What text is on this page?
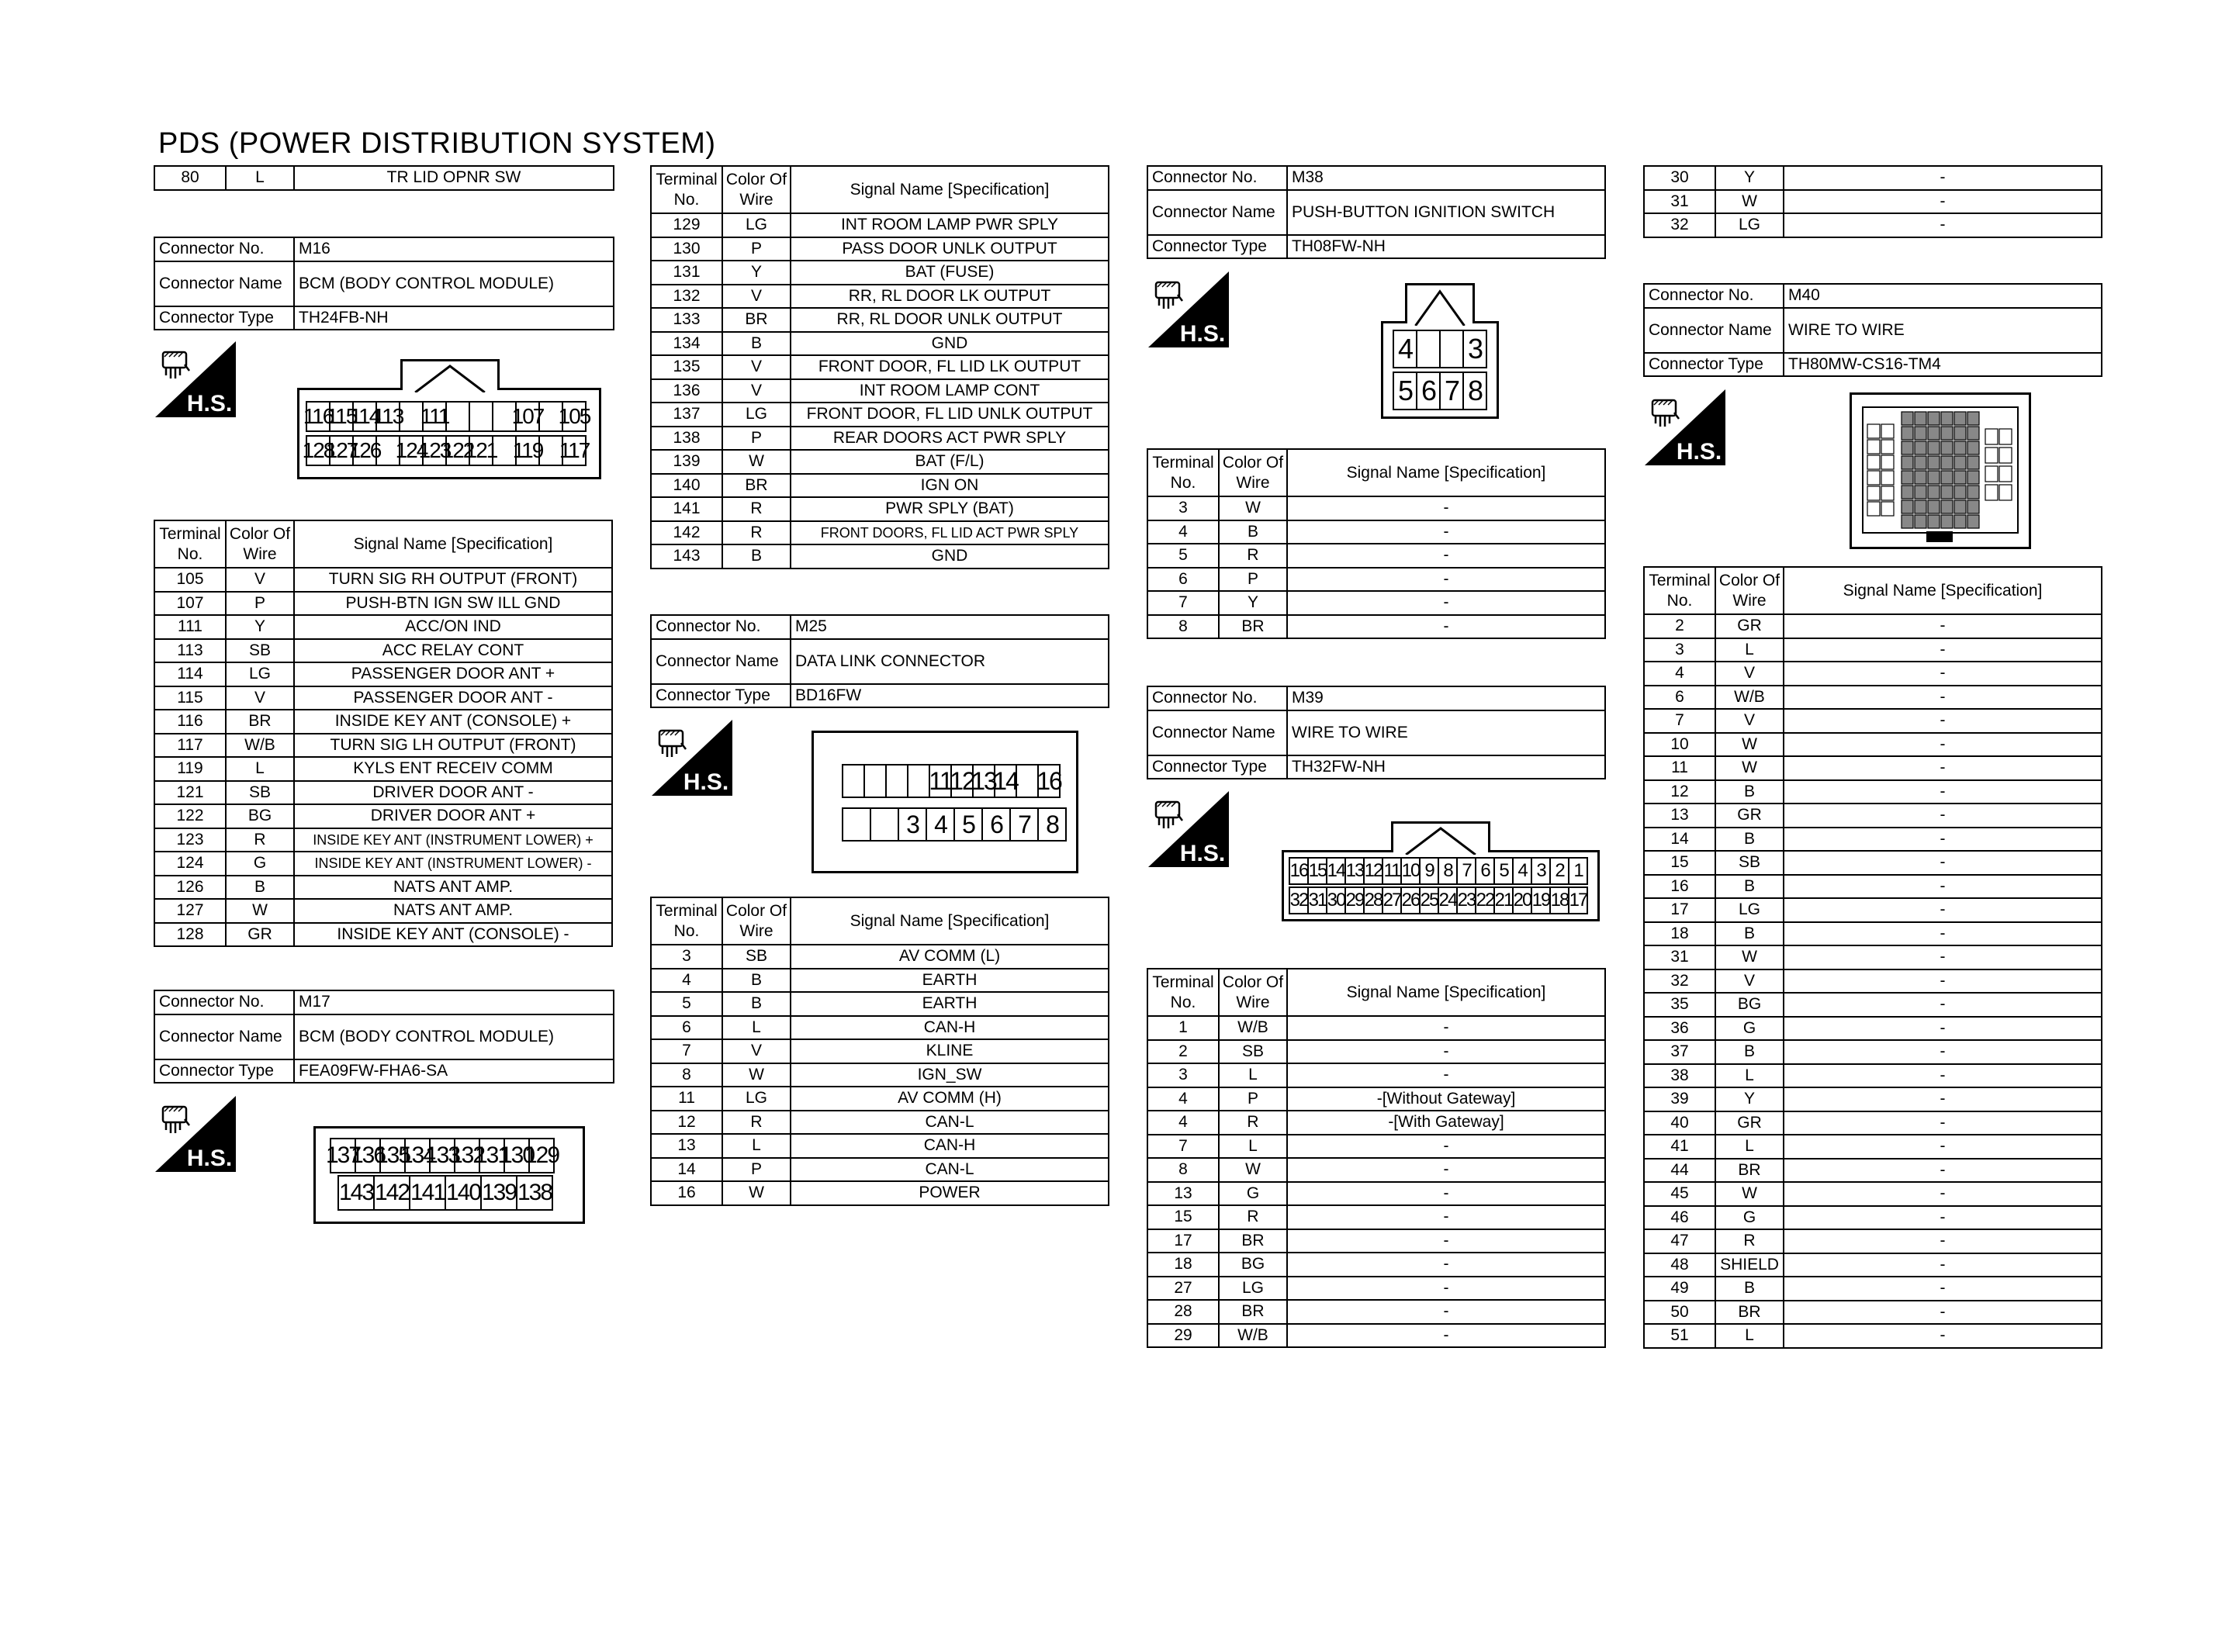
PDS (POWER DISTRIBUTION SYSTEM)
80	L	TR LID OPNR SW
Connector No.	M16
Connector Name	BCM (BODY CONTROL MODULE)
Connector Type	TH24FB-NH
H.S.	116
115
114
113 111	107 105
128
127
126 124
123
122
121 119 117
Terminal
No.	Color Of
Wire	Signal Name [Specification]
105	V	TURN SIG RH OUTPUT (FRONT)
107	P	PUSH-BTN IGN SW ILL GND
111	Y	ACC/ON IND
113	SB	ACC RELAY CONT
114	LG	PASSENGER DOOR ANT +
115	V	PASSENGER DOOR ANT -
116	BR	INSIDE KEY ANT (CONSOLE) +
117	W/B	TURN SIG LH OUTPUT (FRONT)
119	L	KYLS ENT RECEIV COMM
121	SB	DRIVER DOOR ANT -
122	BG	DRIVER DOOR ANT +
123	R	INSIDE KEY ANT (INSTRUMENT LOWER) +
124	G	INSIDE KEY ANT (INSTRUMENT LOWER) -
126	B	NATS ANT AMP.
127	W	NATS ANT AMP.
128	GR	INSIDE KEY ANT (CONSOLE) -
Connector No.	M17
Connector Name	BCM (BODY CONTROL MODULE)
Connector Type	FEA09FW-FHA6-SA
H.S.	137
136
135
134
133
132
131
130
129
143 142 141 140 139 138
Terminal
No.	Color Of
Wire	Signal Name [Specification]
129	LG	INT ROOM LAMP PWR SPLY
130	P	PASS DOOR UNLK OUTPUT
131	Y	BAT (FUSE)
132	V	RR, RL DOOR LK OUTPUT
133	BR	RR, RL DOOR UNLK OUTPUT
134	B	GND
135	V	FRONT DOOR, FL LID LK OUTPUT
136	V	INT ROOM LAMP CONT
137	LG	FRONT DOOR, FL LID UNLK OUTPUT
138	P	REAR DOORS ACT PWR SPLY
139	W	BAT (F/L)
140	BR	IGN ON
141	R	PWR SPLY (BAT)
142	R	FRONT DOORS, FL LID ACT PWR SPLY
143	B	GND
Connector No.	M25
Connector Name	DATA LINK CONNECTOR
Connector Type	BD16FW
H.S.	11
12
13
14 16
3 4 5 6 7 8
Terminal
No.	Color Of
Wire	Signal Name [Specification]
3	SB	AV COMM (L)
4	B	EARTH
5	B	EARTH
6	L	CAN-H
7	V	KLINE
8	W	IGN_SW
11	LG	AV COMM (H)
12	R	CAN-L
13	L	CAN-H
14	P	CAN-L
16	W	POWER
Connector No.	M38
Connector Name	PUSH-BUTTON IGNITION SWITCH
Connector Type	TH08FW-NH
H.S.	4 3
5 6 7 8
Terminal
No.	Color Of
Wire	Signal Name [Specification]
3	W	-
4	B	-
5	R	-
6	P	-
7	Y	-
8	BR	-
Connector No.	M39
Connector Name	WIRE TO WIRE
Connector Type	TH32FW-NH
H.S.
16 15 14 13 12 11 10 9 8 7 6 5 4 3 2 1
32 31 30 29 28 27 26 25 24 23 22 21 20 19 18 17
Terminal
No.	Color Of
Wire	Signal Name [Specification]
1	W/B	-
2	SB	-
3	L	-
4	P	-[Without Gateway]
4	R	-[With Gateway]
7	L	-
8	W	-
13	G	-
15	R	-
17	BR	-
18	BG	-
27	LG	-
28	BR	-
29	W/B	-
30	Y	-
31	W	-
32	LG	-
Connector No.	M40
Connector Name	WIRE TO WIRE
Connector Type	TH80MW-CS16-TM4
H.S.
Terminal
No.	Color Of
Wire	Signal Name [Specification]
2	GR	-
3	L	-
4	V	-
6	W/B	-
7	V	-
10	W	-
11	W	-
12	B	-
13	GR	-
14	B	-
15	SB	-
16	B	-
17	LG	-
18	B	-
31	W	-
32	V	-
35	BG	-
36	G	-
37	B	-
38	L	-
39	Y	-
40	GR	-
41	L	-
44	BR	-
45	W	-
46	G	-
47	R	-
48	SHIELD	-
49	B	-
50	BR	-
51	L	-
